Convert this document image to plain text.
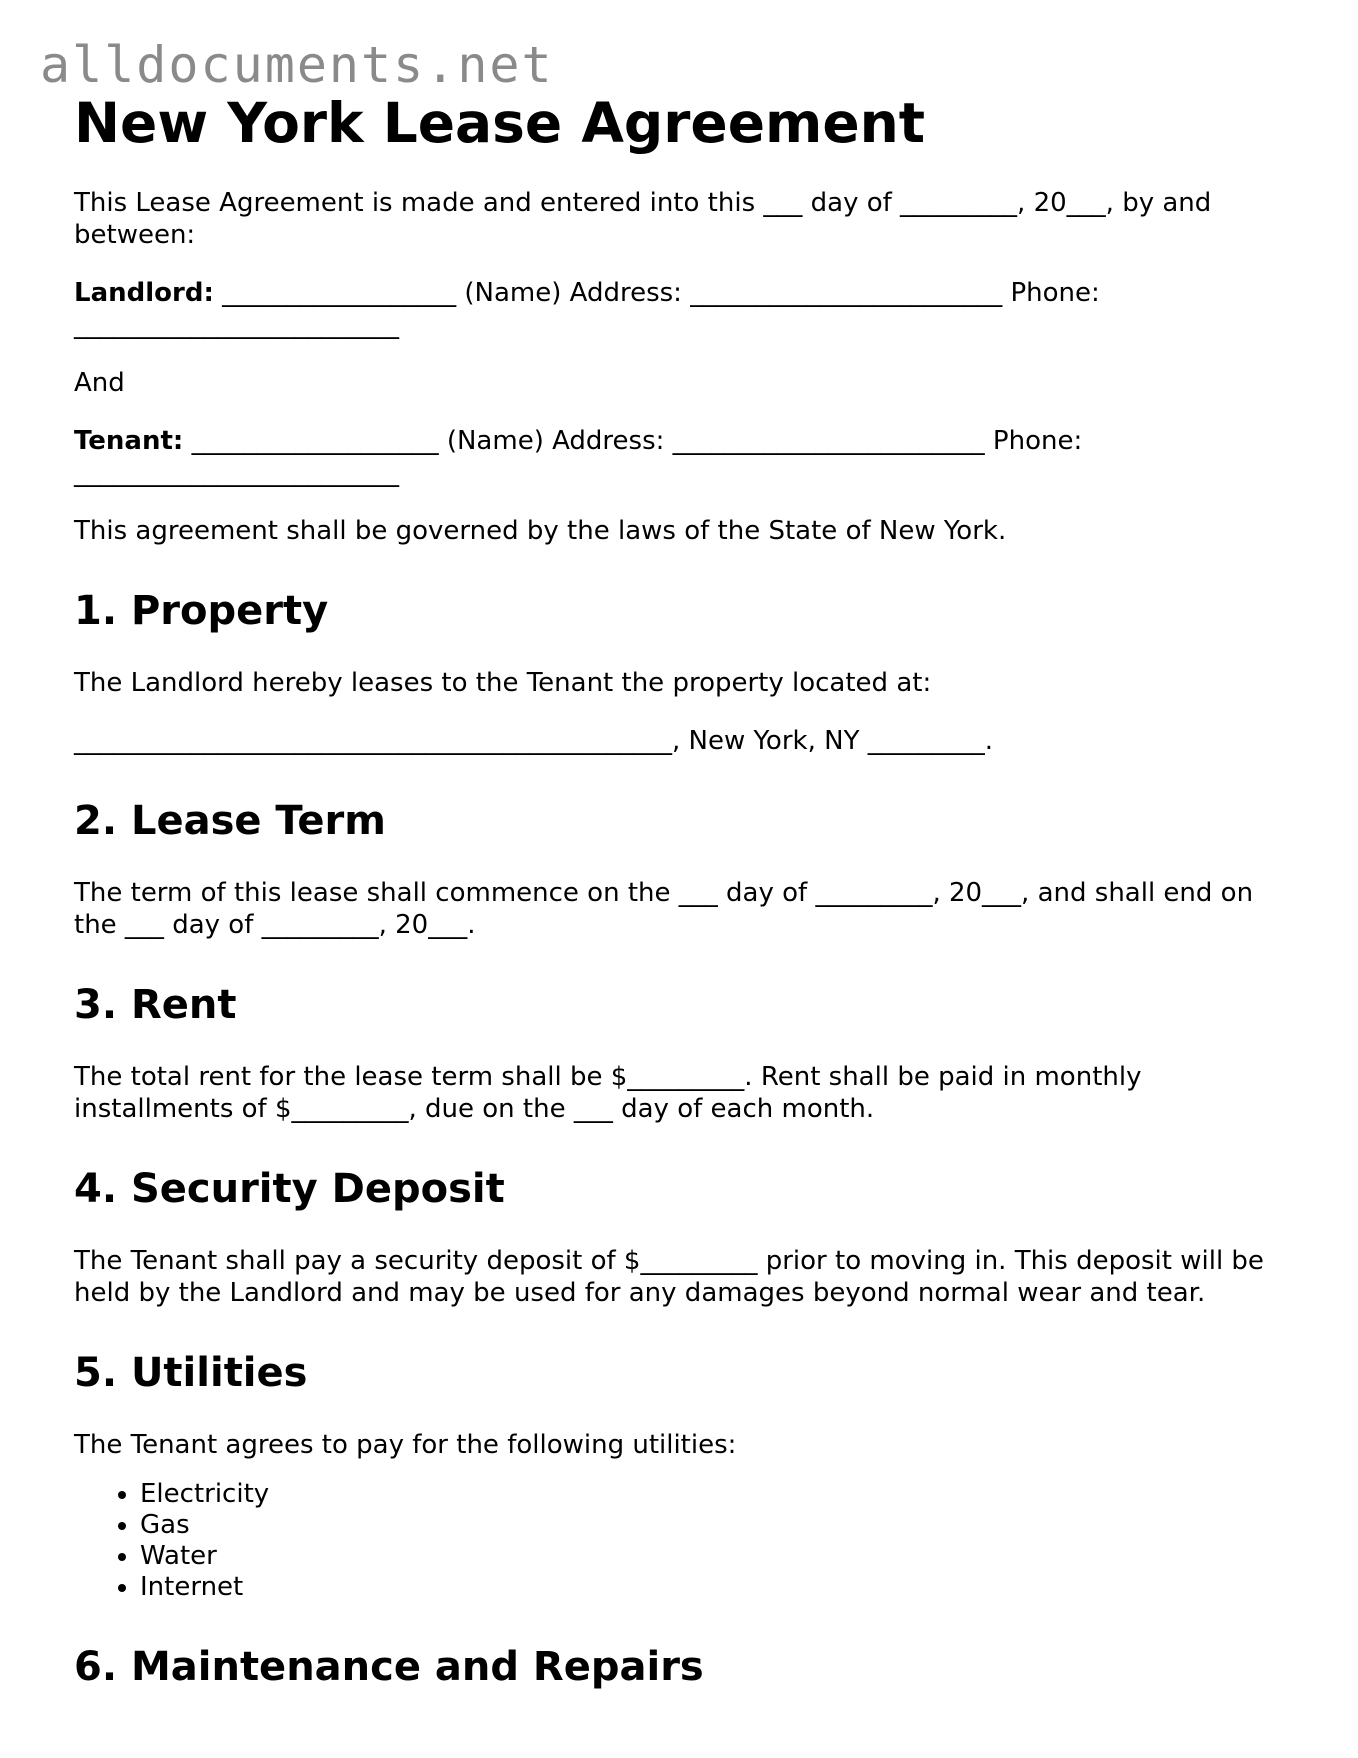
alldocuments.net
New York Lease Agreement

This Lease Agreement is made and entered into this ___ day of _________, 20___, by and between:

Landlord: __________________ (Name) Address: ________________________ Phone: _________________________

And

Tenant: ___________________ (Name) Address: ________________________ Phone: _________________________

This agreement shall be governed by the laws of the State of New York.

1. Property

The Landlord hereby leases to the Tenant the property located at:

______________________________________________, New York, NY _________.

2. Lease Term

The term of this lease shall commence on the ___ day of _________, 20___, and shall end on the ___ day of _________, 20___.

3. Rent

The total rent for the lease term shall be $_________. Rent shall be paid in monthly installments of $_________, due on the ___ day of each month.

4. Security Deposit

The Tenant shall pay a security deposit of $_________ prior to moving in. This deposit will be held by the Landlord and may be used for any damages beyond normal wear and tear.

5. Utilities

The Tenant agrees to pay for the following utilities:

• Electricity
• Gas
• Water
• Internet
6. Maintenance and Repairs
